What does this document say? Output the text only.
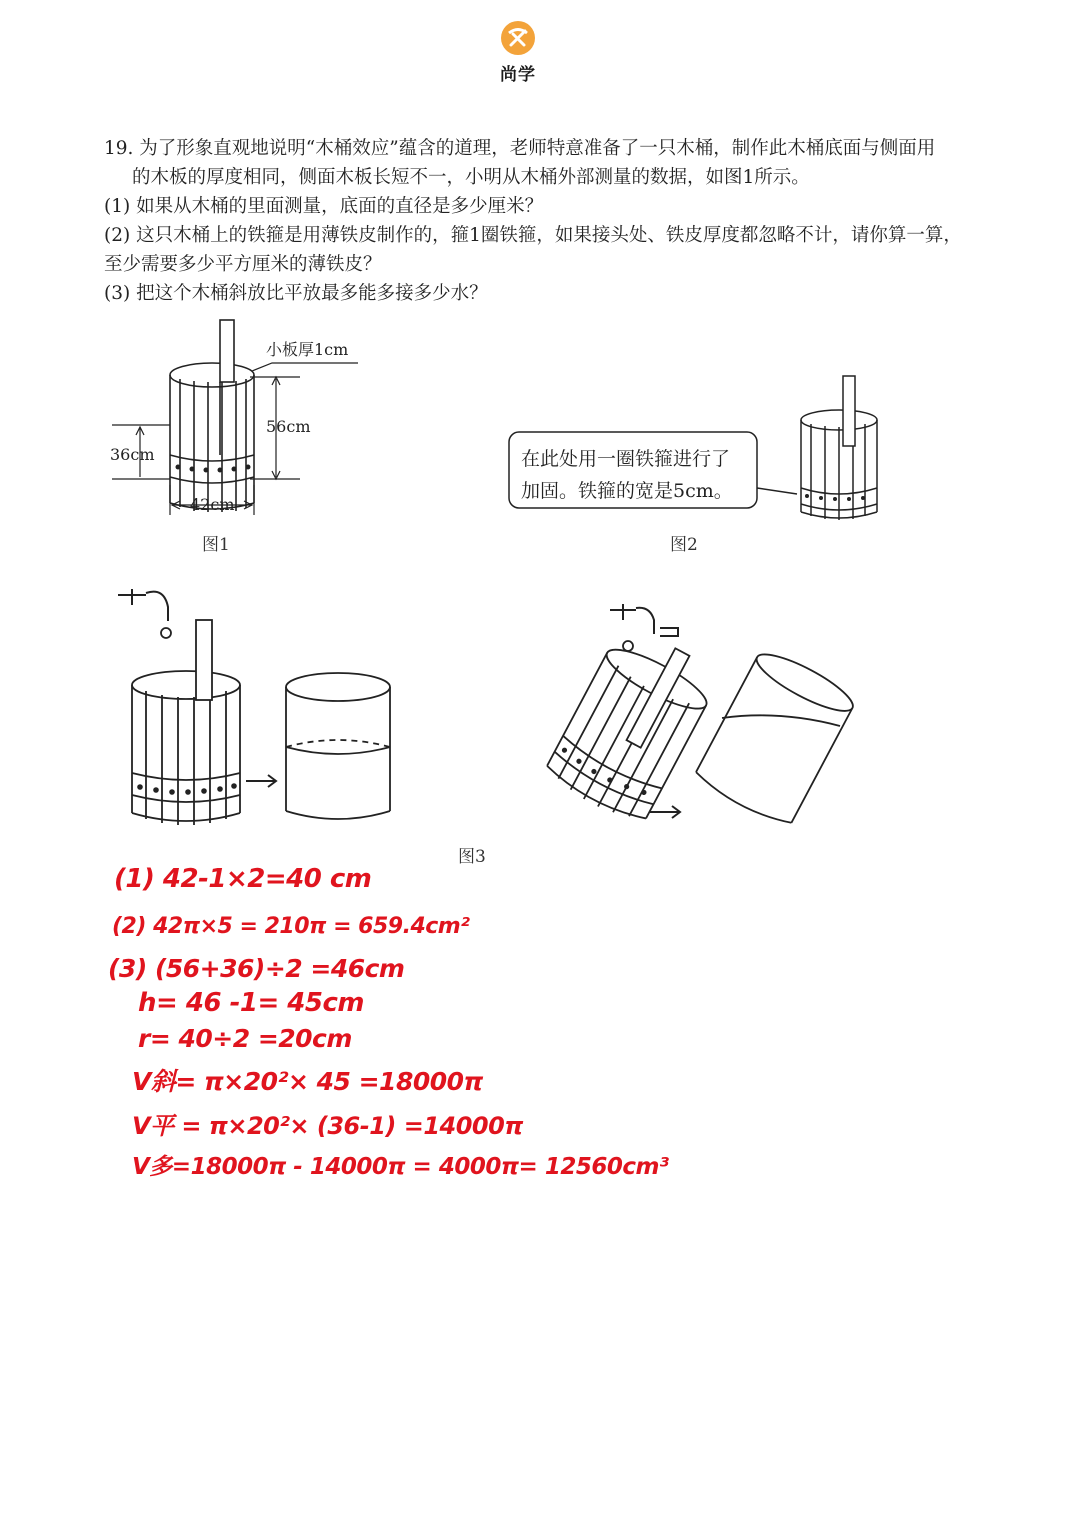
尚学
19. 为了形象直观地说明“木桶效应”蕴含的道理，老师特意准备了一只木桶，制作此木桶底面与侧面用
的木板的厚度相同，侧面木板长短不一，小明从木桶外部测量的数据，如图1所示。
(1) 如果从木桶的里面测量，底面的直径是多少厘米？
(2) 这只木桶上的铁箍是用薄铁皮制作的，箍1圈铁箍，如果接头处、铁皮厚度都忽略不计，请你算一算，
至少需要多少平方厘米的薄铁皮？
(3) 把这个木桶斜放比平放最多能多接多少水？
小板厚1cm
56cm
36cm
42cm
图1
在此处用一圈铁箍进行了
加固。铁箍的宽是5cm。
图2
图3
(1) 42-1×2=40 cm
(2) 42π×5 = 210π = 659.4cm²
(3) (56+36)÷2 =46cm
h= 46 -1= 45cm
r= 40÷2 =20cm
V斜= π×20²× 45 =18000π
V平 = π×20²× (36-1) =14000π
V多=18000π - 14000π = 4000π= 12560cm³
